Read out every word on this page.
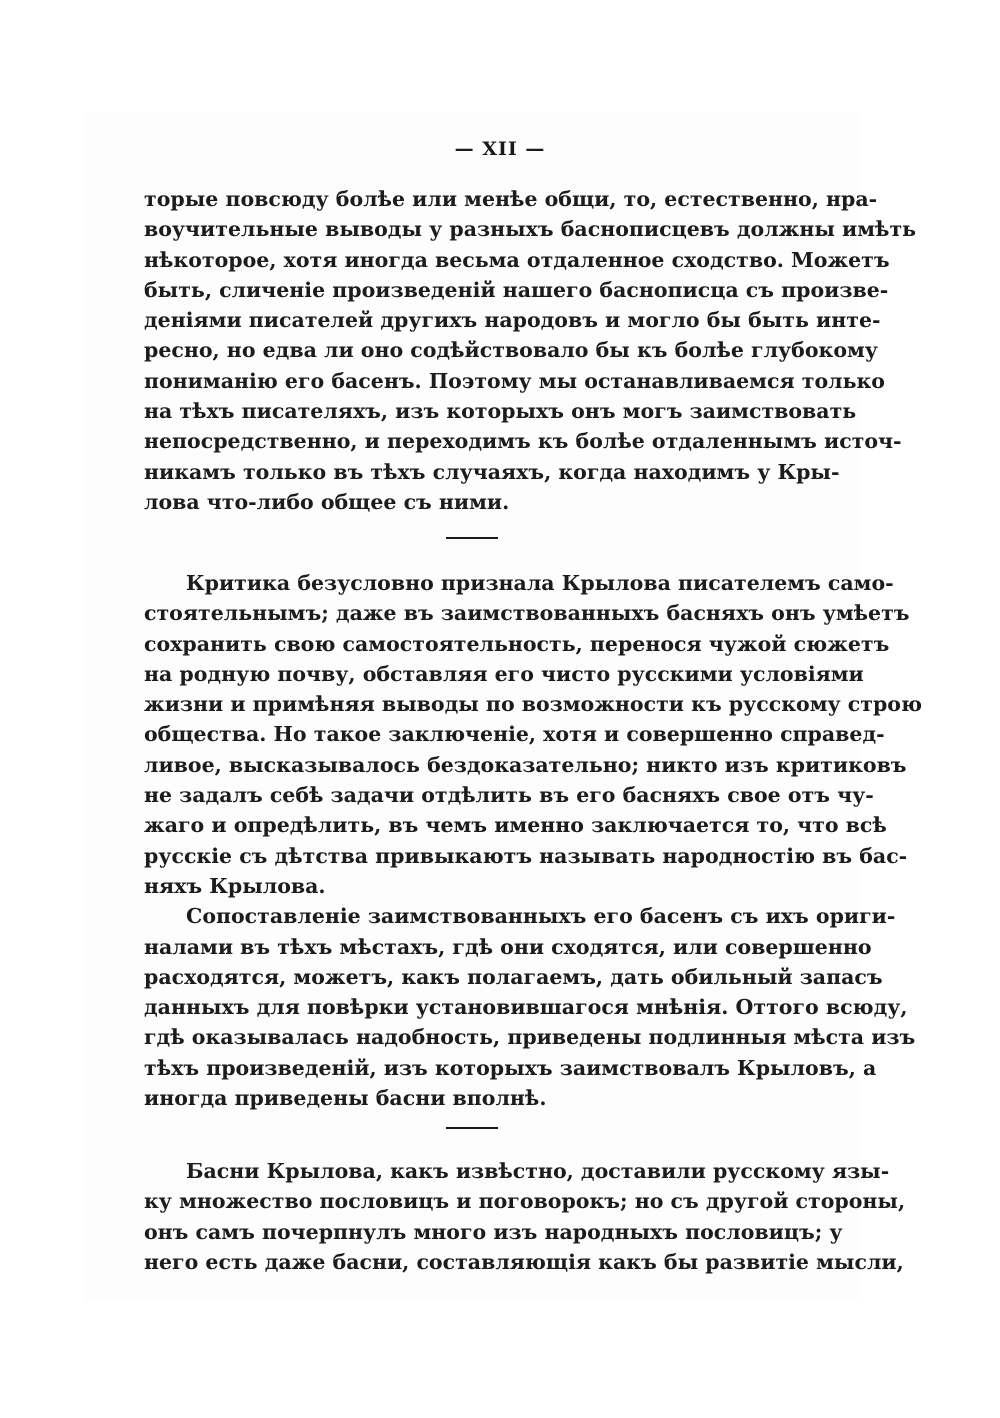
— XII —
торые повсюду болѣе или менѣе общи, то, естественно, нра-
воучительные выводы у разныхъ баснописцевъ должны имѣть
нѣкоторое, хотя иногда весьма отдаленное сходство. Можетъ
быть, сличенiе произведенiй нашего баснописца съ произве-
денiями писателей другихъ народовъ и могло бы быть инте-
ресно, но едва ли оно содѣйствовало бы къ болѣе глубокому
пониманiю его басенъ. Поэтому мы останавливаемся только
на тѣхъ писателяхъ, изъ которыхъ онъ могъ заимствовать
непосредственно, и переходимъ къ болѣе отдаленнымъ источ-
никамъ только въ тѣхъ случаяхъ, когда находимъ у Кры-
лова что-либо общее съ ними.
Критика безусловно признала Крылова писателемъ само-
стоятельнымъ; даже въ заимствованныхъ басняхъ онъ умѣетъ
сохранить свою самостоятельность, перенося чужой сюжетъ
на родную почву, обставляя его чисто русскими условiями
жизни и примѣняя выводы по возможности къ русскому строю
общества. Но такое заключенiе, хотя и совершенно справед-
ливое, высказывалось бездоказательно; никто изъ критиковъ
не задалъ себѣ задачи отдѣлить въ его басняхъ свое отъ чу-
жаго и опредѣлить, въ чемъ именно заключается то, что всѣ
русскiе съ дѣтства привыкаютъ называть народностiю въ бас-
няхъ Крылова.
Сопоставленiе заимствованныхъ его басенъ съ ихъ ориги-
налами въ тѣхъ мѣстахъ, гдѣ они сходятся, или совершенно
расходятся, можетъ, какъ полагаемъ, дать обильный запасъ
данныхъ для повѣрки установившагося мнѣнiя. Оттого всюду,
гдѣ оказывалась надобность, приведены подлинныя мѣста изъ
тѣхъ произведенiй, изъ которыхъ заимствовалъ Крыловъ, а
иногда приведены басни вполнѣ.
Басни Крылова, какъ извѣстно, доставили русскому язы-
ку множество пословицъ и поговорокъ; но съ другой стороны,
онъ самъ почерпнулъ много изъ народныхъ пословицъ; у
него есть даже басни, составляющiя какъ бы развитiе мысли,
